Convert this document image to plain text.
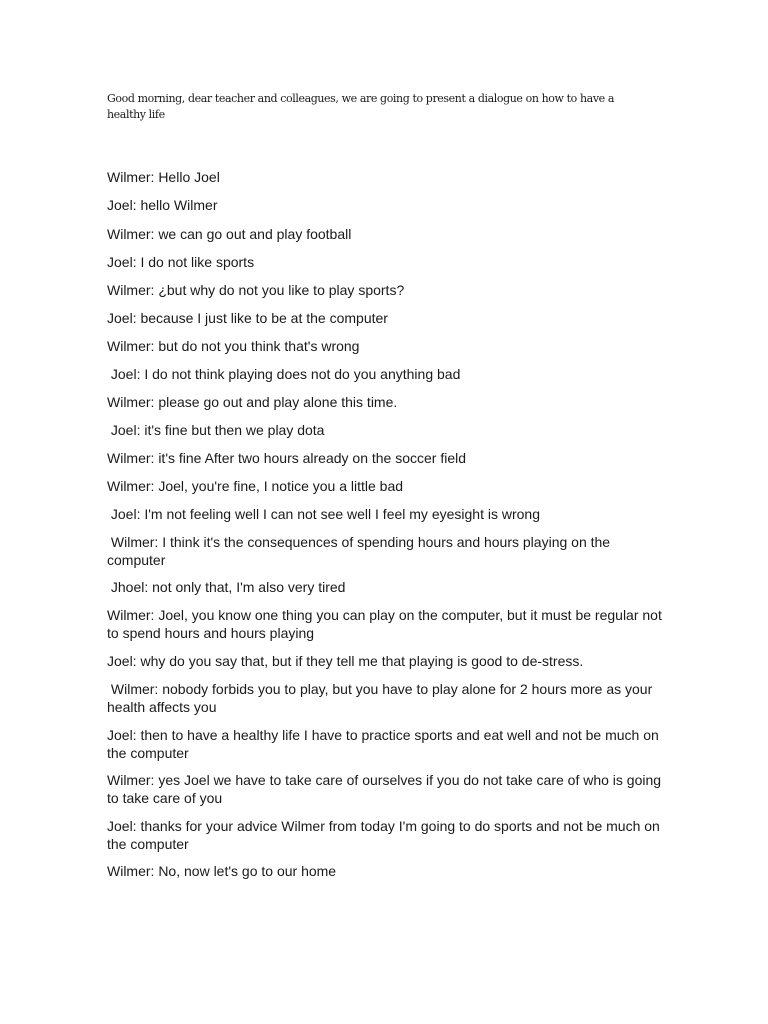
Good morning, dear teacher and colleagues, we are going to present a dialogue on how to have a healthy life
Wilmer: Hello Joel
Joel: hello Wilmer
Wilmer: we can go out and play football
Joel: I do not like sports
Wilmer: ¿but why do not you like to play sports?
Joel: because I just like to be at the computer
Wilmer: but do not you think that's wrong
Joel: I do not think playing does not do you anything bad
Wilmer: please go out and play alone this time.
Joel: it's fine but then we play dota
Wilmer: it's fine After two hours already on the soccer field
Wilmer: Joel, you're fine, I notice you a little bad
Joel: I'm not feeling well I can not see well I feel my eyesight is wrong
Wilmer: I think it's the consequences of spending hours and hours playing on the computer
Jhoel: not only that, I'm also very tired
Wilmer: Joel, you know one thing you can play on the computer, but it must be regular not to spend hours and hours playing
Joel: why do you say that, but if they tell me that playing is good to de-stress.
Wilmer: nobody forbids you to play, but you have to play alone for 2 hours more as your health affects you
Joel: then to have a healthy life I have to practice sports and eat well and not be much on the computer
Wilmer: yes Joel we have to take care of ourselves if you do not take care of who is going to take care of you
Joel: thanks for your advice Wilmer from today I'm going to do sports and not be much on the computer
Wilmer: No, now let's go to our home
